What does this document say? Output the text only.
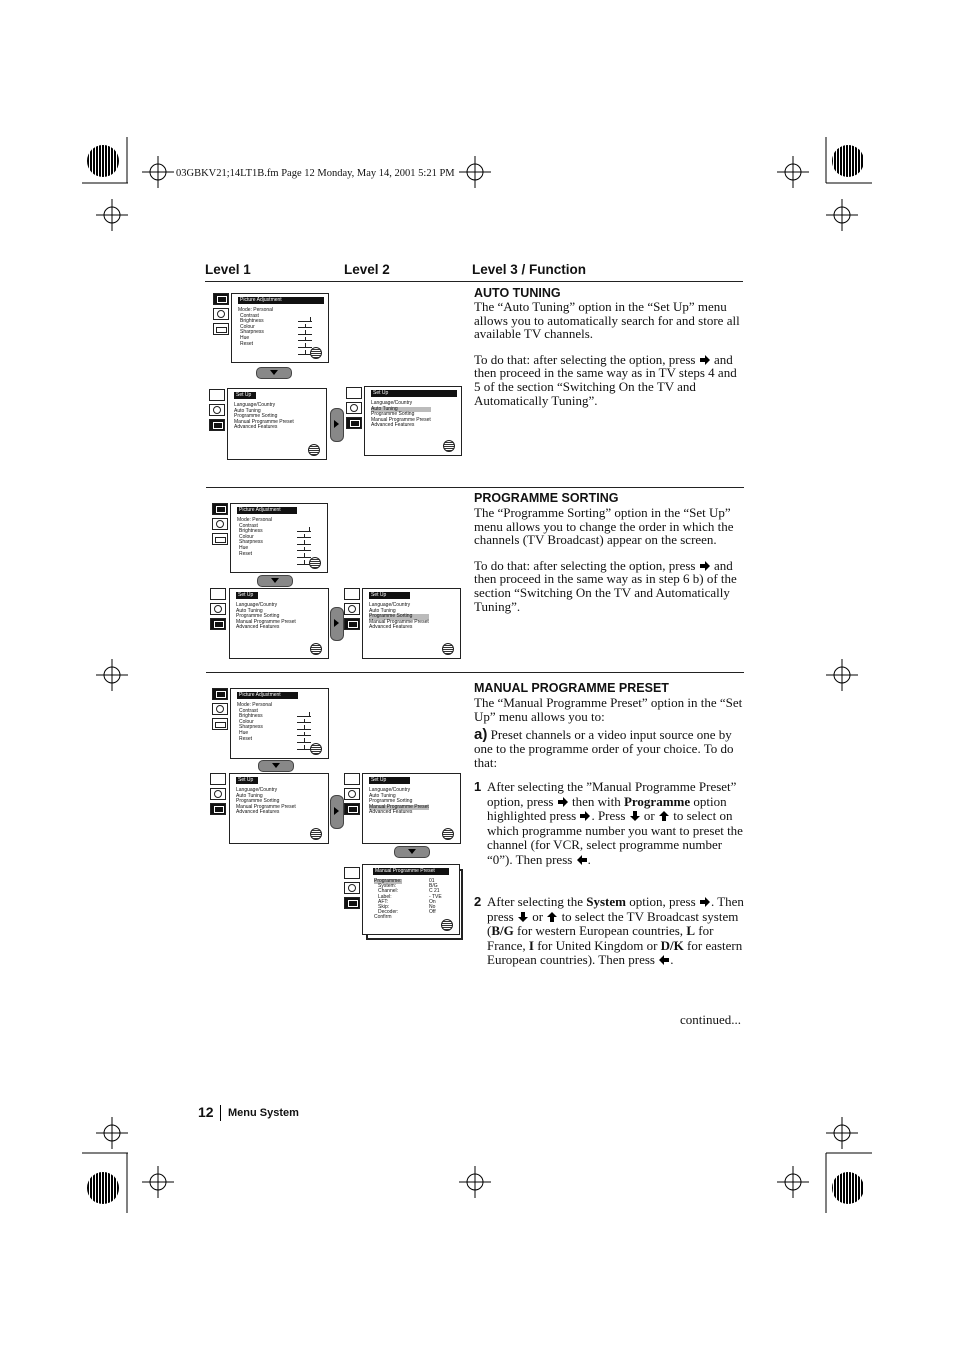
03GBKV21;14LT1B.fm Page 12 Monday, May 14, 2001 5:21 PM
Level 1	Level 2	Level 3 / Function
Picture Adjustment
Mode: Personal
Contrast
Brightness
Colour
Sharpness
Hue
Reset
Set Up
Language/Country
Auto Tuning
Programme Sorting
Manual Programme Preset
Advanced Features
Set Up
Language/Country
Auto Tuning
Programme Sorting
Manual Programme Preset
Advanced Features
AUTO TUNING

The “Auto Tuning” option in the “Set Up” menu allows you to automatically search for and store all available TV channels.

To do that: after selecting the option, press and then proceed in the same way as in TV steps 4 and 5 of the section “Switching On the TV and Automatically Tuning”.

Picture Adjustment
Mode: Personal
Contrast
Brightness
Colour
Sharpness
Hue
Reset
Set Up
Language/Country
Auto Tuning
Programme Sorting
Manual Programme Preset
Advanced Features
Set Up
Language/Country
Auto Tuning
Programme Sorting
Manual Programme Preset
Advanced Features
PROGRAMME SORTING

The “Programme Sorting” option in the “Set Up” menu allows you to change the order in which the channels (TV Broadcast) appear on the screen.

To do that: after selecting the option, press and then proceed in the same way as in step 6 b) of the section “Switching On the TV and Automatically Tuning”.

Picture Adjustment
Mode: Personal
Contrast
Brightness
Colour
Sharpness
Hue
Reset
Set Up
Language/Country
Auto Tuning
Programme Sorting
Manual Programme Preset
Advanced Features
Set Up
Language/Country
Auto Tuning
Programme Sorting
Manual Programme Preset
Advanced Features
Manual Programme Preset
Programme:
System:
Channel:
Label:
AFT:
Skip:
Decoder:
Confirm
01
B/G
C 21
- TVE
On
No
Off
MANUAL PROGRAMME PRESET
The “Manual Programme Preset” option in the “Set Up” menu allows you to:
a) Preset channels or a video input source one by one to the programme order of your choice. To do that:
1 After selecting the ”Manual Programme Preset” option, press then with Programme option highlighted press . Press or to select on which programme number you want to preset the channel (for VCR, select programme number “0”). Then press .
2 After selecting the System option, press . Then press or to select the TV Broadcast system (B/G for western European countries, L for France, I for United Kingdom or D/K for eastern European countries). Then press .
continued...
12 Menu System
